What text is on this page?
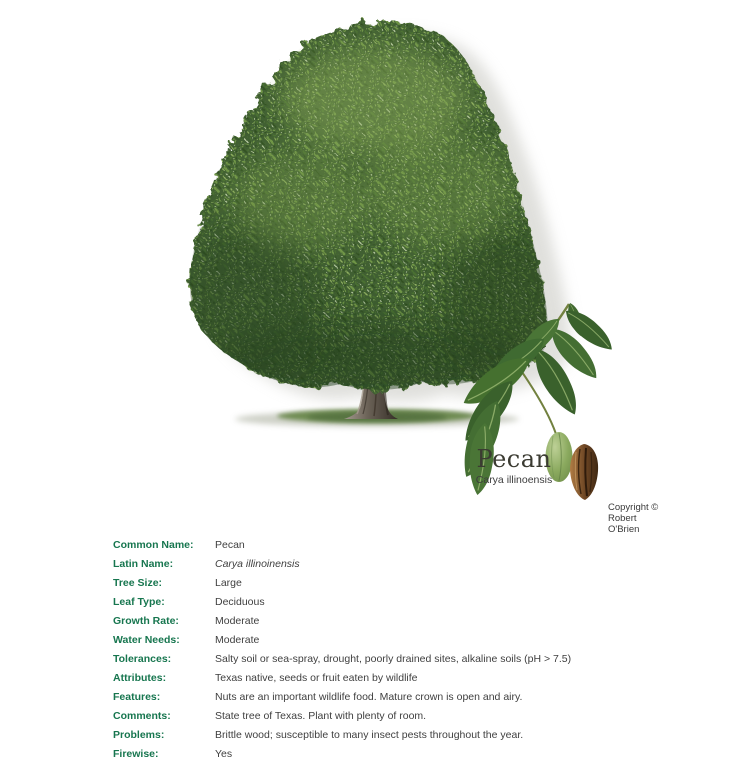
Pecan
Carya illinoensis
Copyright © Robert O'Brien
Common Name:	Pecan
Latin Name:	Carya illinoinensis
Tree Size:	Large
Leaf Type:	Deciduous
Growth Rate:	Moderate
Water Needs:	Moderate
Tolerances:	Salty soil or sea-spray, drought, poorly drained sites, alkaline soils (pH > 7.5)
Attributes:	Texas native, seeds or fruit eaten by wildlife
Features:	Nuts are an important wildlife food. Mature crown is open and airy.
Comments:	State tree of Texas. Plant with plenty of room.
Problems:	Brittle wood; susceptible to many insect pests throughout the year.
Firewise:	Yes
